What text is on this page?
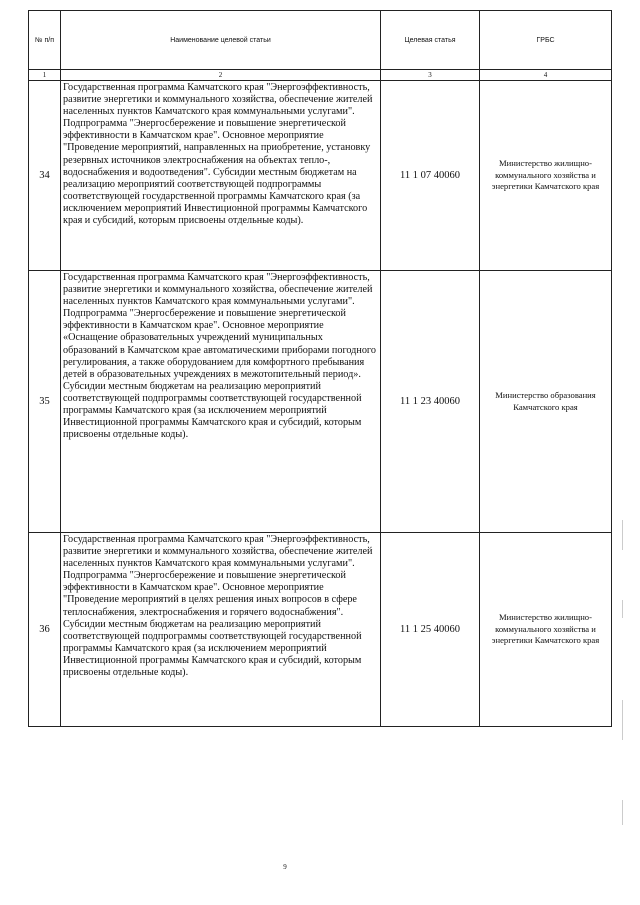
№ п/п	Наименование целевой статьи	Целевая статья	ГРБС
1	2	3	4
34	Государственная программа Камчатского края "Энергоэффективность, развитие энергетики и коммунального хозяйства, обеспечение жителей населенных пунктов Камчатского края коммунальными услугами". Подпрограмма "Энергосбережение и повышение энергетической эффективности в Камчатском крае". Основное мероприятие "Проведение мероприятий, направленных на приобретение, установку резервных источников электроснабжения на объектах тепло-, водоснабжения и водоотведения". Субсидии местным бюджетам на реализацию мероприятий соответствующей подпрограммы соответствующей государственной программы Камчатского края (за исключением мероприятий Инвестиционной программы Камчатского края и субсидий, которым присвоены отдельные коды).	11 1 07 40060	Министерство жилищно-коммунального хозяйства и энергетики Камчатского края
35	Государственная программа Камчатского края "Энергоэффективность, развитие энергетики и коммунального хозяйства, обеспечение жителей населенных пунктов Камчатского края коммунальными услугами". Подпрограмма "Энергосбережение и повышение энергетической эффективности в Камчатском крае". Основное мероприятие «Оснащение образовательных учреждений муниципальных образований в Камчатском крае автоматическими приборами погодного регулирования, а также оборудованием для комфортного пребывания детей в образовательных учреждениях в межотопительный период». Субсидии местным бюджетам на реализацию мероприятий соответствующей подпрограммы соответствующей государственной программы Камчатского края (за исключением мероприятий Инвестиционной программы Камчатского края и субсидий, которым присвоены отдельные коды).	11 1 23 40060	Министерство образования Камчатского края
36	Государственная программа Камчатского края "Энергоэффективность, развитие энергетики и коммунального хозяйства, обеспечение жителей населенных пунктов Камчатского края коммунальными услугами". Подпрограмма "Энергосбережение и повышение энергетической эффективности в Камчатском крае". Основное мероприятие "Проведение мероприятий в целях решения иных вопросов в сфере теплоснабжения, электроснабжения и горячего водоснабжения". Субсидии местным бюджетам на реализацию мероприятий соответствующей подпрограммы соответствующей государственной программы Камчатского края (за исключением мероприятий Инвестиционной программы Камчатского края и субсидий, которым присвоены отдельные коды).	11 1 25 40060	Министерство жилищно-коммунального хозяйства и энергетики Камчатского края
9
